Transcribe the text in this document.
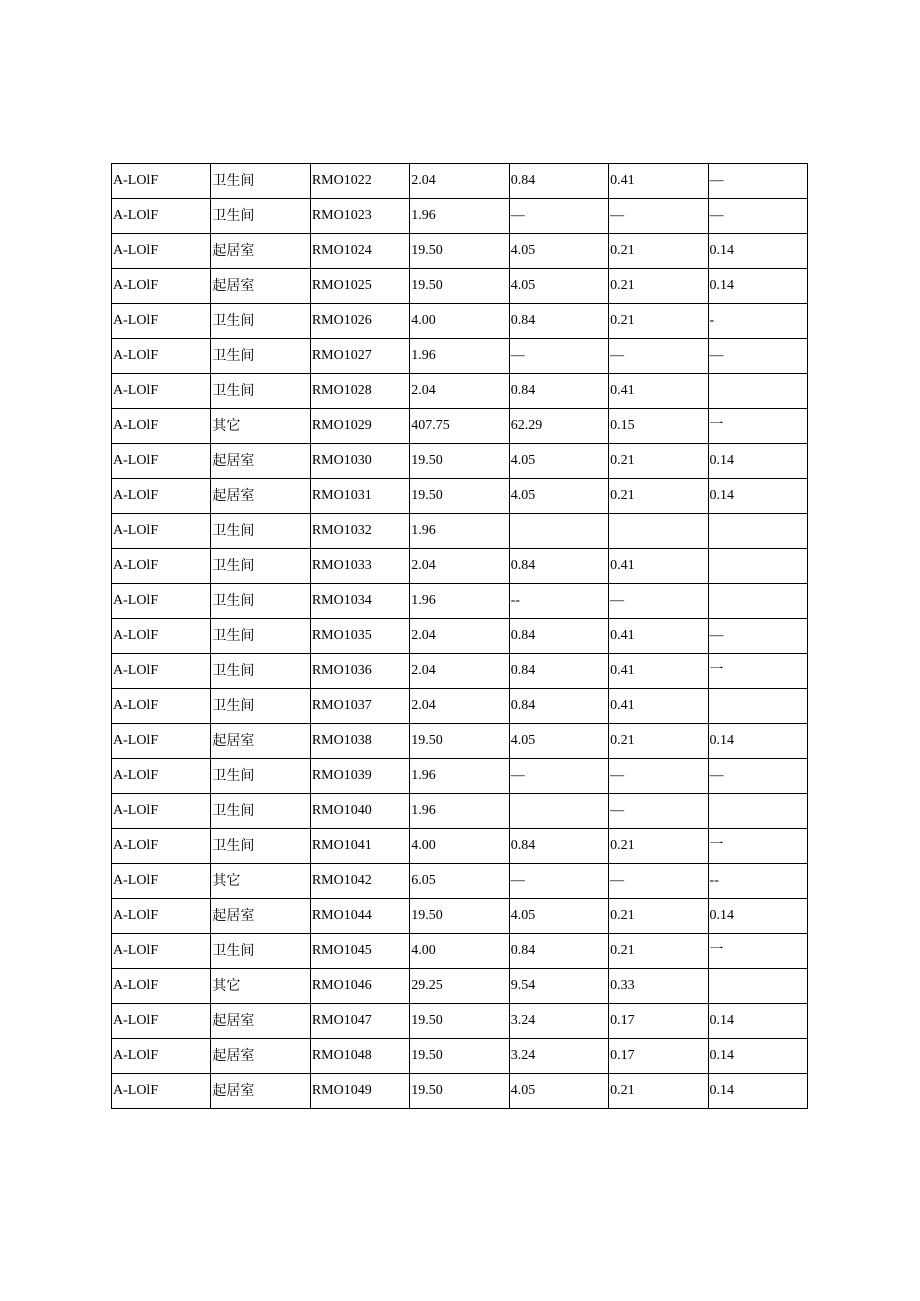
A-LOlF	卫生间	RMO1022	2.04	0.84	0.41	—
A-LOlF	卫生间	RMO1023	1.96	—	—	—
A-LOlF	起居室	RMO1024	19.50	4.05	0.21	0.14
A-LOlF	起居室	RMO1025	19.50	4.05	0.21	0.14
A-LOlF	卫生间	RMO1026	4.00	0.84	0.21	-
A-LOlF	卫生间	RMO1027	1.96	—	—	—
A-LOlF	卫生间	RMO1028	2.04	0.84	0.41	
A-LOlF	其它	RMO1029	407.75	62.29	0.15	一
A-LOlF	起居室	RMO1030	19.50	4.05	0.21	0.14
A-LOlF	起居室	RMO1031	19.50	4.05	0.21	0.14
A-LOlF	卫生间	RMO1032	1.96			
A-LOlF	卫生间	RMO1033	2.04	0.84	0.41	
A-LOlF	卫生间	RMO1034	1.96	--	—	
A-LOlF	卫生间	RMO1035	2.04	0.84	0.41	—
A-LOlF	卫生间	RMO1036	2.04	0.84	0.41	一
A-LOlF	卫生间	RMO1037	2.04	0.84	0.41	
A-LOlF	起居室	RMO1038	19.50	4.05	0.21	0.14
A-LOlF	卫生间	RMO1039	1.96	—	—	—
A-LOlF	卫生间	RMO1040	1.96		—	
A-LOlF	卫生间	RMO1041	4.00	0.84	0.21	一
A-LOlF	其它	RMO1042	6.05	—	—	--
A-LOlF	起居室	RMO1044	19.50	4.05	0.21	0.14
A-LOlF	卫生间	RMO1045	4.00	0.84	0.21	一
A-LOlF	其它	RMO1046	29.25	9.54	0.33	
A-LOlF	起居室	RMO1047	19.50	3.24	0.17	0.14
A-LOlF	起居室	RMO1048	19.50	3.24	0.17	0.14
A-LOlF	起居室	RMO1049	19.50	4.05	0.21	0.14
